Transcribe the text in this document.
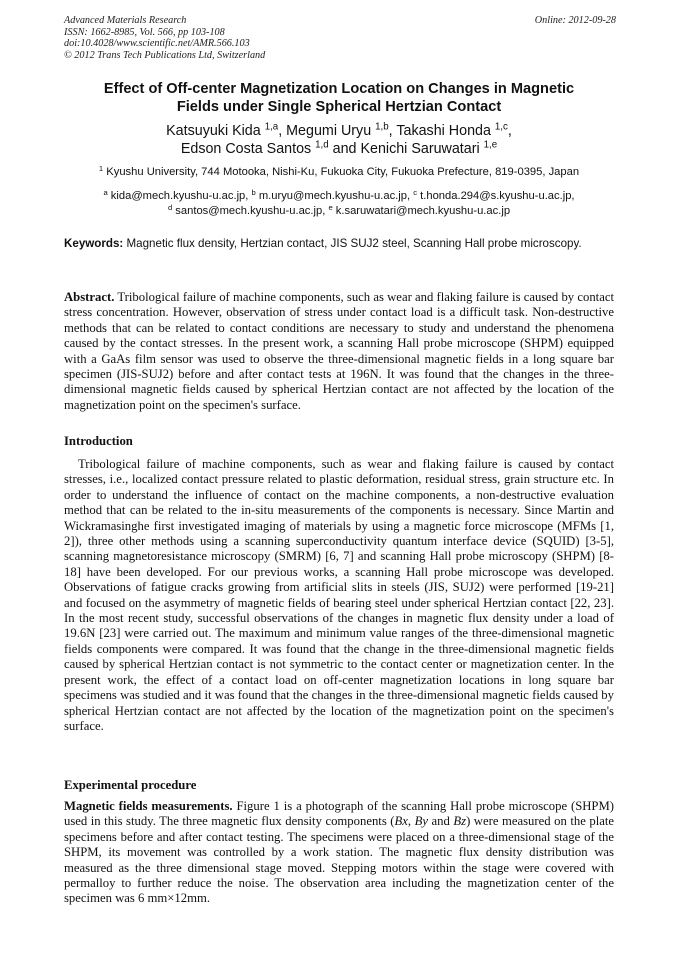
Advanced Materials Research
ISSN: 1662-8985, Vol. 566, pp 103-108
doi:10.4028/www.scientific.net/AMR.566.103
© 2012 Trans Tech Publications Ltd, Switzerland
Online: 2012-09-28
Effect of Off-center Magnetization Location on Changes in Magnetic
Fields under Single Spherical Hertzian Contact
Katsuyuki Kida $^{1,a}$, Megumi Uryu $^{1,b}$, Takashi Honda $^{1,c}$,
Edson Costa Santos $^{1,d}$ and Kenichi Saruwatari $^{1,e}$
$^1$ Kyushu University, 744 Motooka, Nishi-Ku, Fukuoka City, Fukuoka Prefecture, 819-0395, Japan
$^a$ kida@mech.kyushu-u.ac.jp, $^b$ m.uryu@mech.kyushu-u.ac.jp, $^c$ t.honda.294@s.kyushu-u.ac.jp,
$^d$ santos@mech.kyushu-u.ac.jp, $^e$ k.saruwatari@mech.kyushu-u.ac.jp
Keywords: Magnetic flux density, Hertzian contact, JIS SUJ2 steel, Scanning Hall probe microscopy.
Abstract. Tribological failure of machine components, such as wear and flaking failure is caused by contact stress concentration. However, observation of stress under contact load is a difficult task. Non-destructive methods that can be related to contact conditions are necessary to study and understand the phenomena caused by the contact stresses. In the present work, a scanning Hall probe microscope (SHPM) equipped with a GaAs film sensor was used to observe the three-dimensional magnetic fields in a long square bar specimen (JIS-SUJ2) before and after contact tests at 196N. It was found that the changes in the three-dimensional magnetic fields caused by spherical Hertzian contact are not affected by the location of the magnetization point on the specimen's surface.
Introduction
Tribological failure of machine components, such as wear and flaking failure is caused by contact stresses, i.e., localized contact pressure related to plastic deformation, residual stress, grain structure etc. In order to understand the influence of contact on the machine components, a non-destructive evaluation method that can be related to the in-situ measurements of the components is necessary. Since Martin and Wickramasinghe first investigated imaging of materials by using a magnetic force microscope (MFMs [1, 2]), three other methods using a scanning superconductivity quantum interface device (SQUID) [3-5], scanning magnetoresistance microscopy (SMRM) [6, 7] and scanning Hall probe microscopy (SHPM) [8-18] have been developed. For our previous works, a scanning Hall probe microscope was developed. Observations of fatigue cracks growing from artificial slits in steels (JIS, SUJ2) were performed [19-21] and focused on the asymmetry of magnetic fields of bearing steel under spherical Hertzian contact [22, 23]. In the most recent study, successful observations of the changes in magnetic flux density under a load of 19.6N [23] were carried out. The maximum and minimum value ranges of the three-dimensional magnetic fields components were compared. It was found that the change in the three-dimensional magnetic fields caused by spherical Hertzian contact is not symmetric to the contact center or magnetization center. In the present work, the effect of a contact load on off-center magnetization locations in long square bar specimens was studied and it was found that the changes in the three-dimensional magnetic fields caused by spherical Hertzian contact are not affected by the location of the magnetization point on the specimen's surface.
Experimental procedure
Magnetic fields measurements. Figure 1 is a photograph of the scanning Hall probe microscope (SHPM) used in this study. The three magnetic flux density components (Bx, By and Bz) were measured on the plate specimens before and after contact testing. The specimens were placed on a three-dimensional stage of the SHPM, its movement was controlled by a work station. The magnetic flux density distribution was measured as the three dimensional stage moved. Stepping motors within the stage were covered with permalloy to further reduce the noise. The observation area including the magnetization center of the specimen was 6 mm×12mm.
